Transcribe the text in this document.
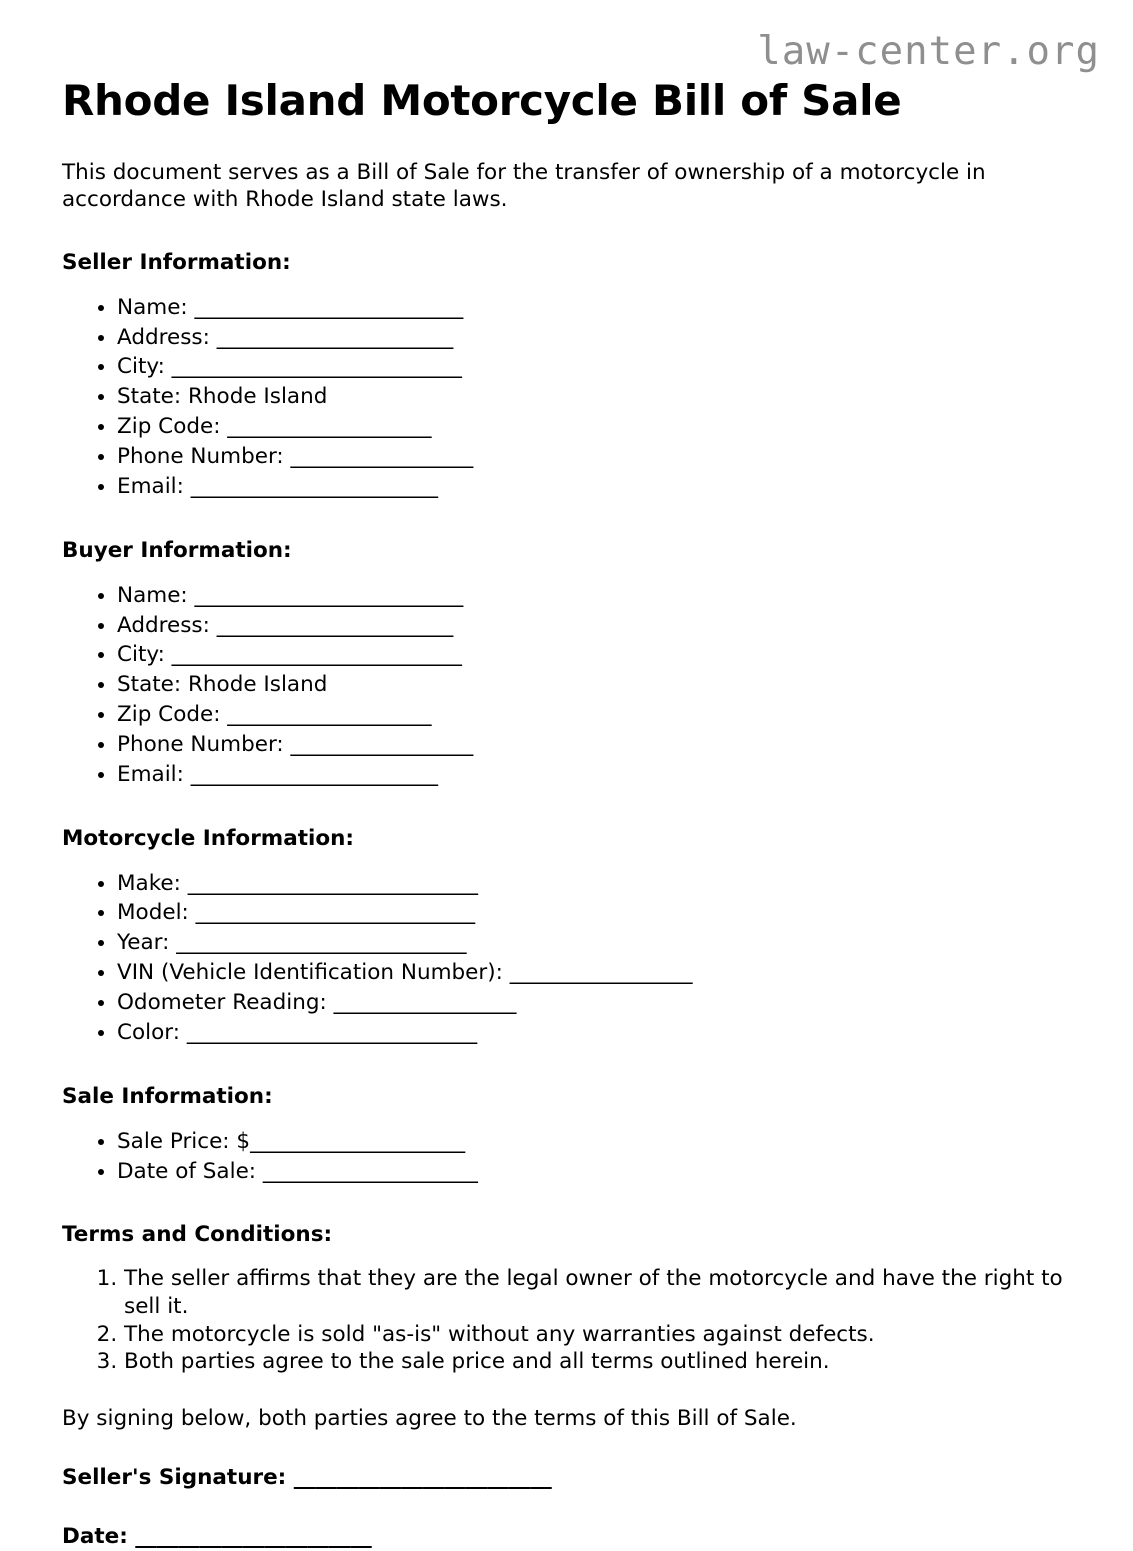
law-center.org
Rhode Island Motorcycle Bill of Sale

This document serves as a Bill of Sale for the transfer of ownership of a motorcycle in accordance with Rhode Island state laws.

Seller Information:
• Name: _________________________
• Address: ______________________
• City: ___________________________
• State: Rhode Island
• Zip Code: ___________________
• Phone Number: _________________
• Email: _______________________
Buyer Information:
• Name: _________________________
• Address: ______________________
• City: ___________________________
• State: Rhode Island
• Zip Code: ___________________
• Phone Number: _________________
• Email: _______________________
Motorcycle Information:
• Make: ___________________________
• Model: __________________________
• Year: ___________________________
• VIN (Vehicle Identification Number): _________________
• Odometer Reading: _________________
• Color: ___________________________
Sale Information:
• Sale Price: $____________________
• Date of Sale: ____________________
Terms and Conditions:
1. The seller affirms that they are the legal owner of the motorcycle and have the right to sell it.
2. The motorcycle is sold "as-is" without any warranties against defects.
3. Both parties agree to the sale price and all terms outlined herein.

By signing below, both parties agree to the terms of this Bill of Sale.

Seller's Signature: ________________________

Date: ______________________
